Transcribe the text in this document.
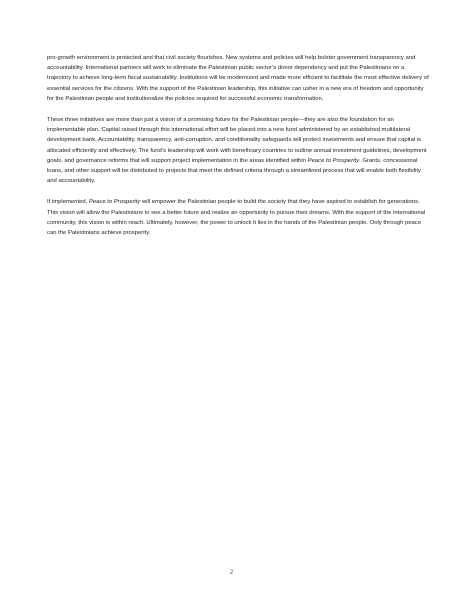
pro-growth environment is protected and that civil society flourishes. New systems and policies will help bolster government transparency and accountability. International partners will work to eliminate the Palestinian public sector’s donor dependency and put the Palestinians on a trajectory to achieve long-term fiscal sustainability. Institutions will be modernized and made more efficient to facilitate the most effective delivery of essential services for the citizens. With the support of the Palestinian leadership, this initiative can usher in a new era of freedom and opportunity for the Palestinian people and institutionalize the policies required for successful economic transformation.

These three initiatives are more than just a vision of a promising future for the Palestinian people—they are also the foundation for an implementable plan. Capital raised through this international effort will be placed into a new fund administered by an established multilateral development bank. Accountability, transparency, anti-corruption, and conditionality safeguards will protect investments and ensure that capital is allocated efficiently and effectively. The fund’s leadership will work with beneficiary countries to outline annual investment guidelines, development goals, and governance reforms that will support project implementation in the areas identified within Peace to Prosperity. Grants, concessional loans, and other support will be distributed to projects that meet the defined criteria through a streamlined process that will enable both flexibility and accountability.

If implemented, Peace to Prosperity will empower the Palestinian people to build the society that they have aspired to establish for generations. This vision will allow the Palestinians to see a better future and realize an opportunity to pursue their dreams. With the support of the international community, this vision is within reach. Ultimately, however, the power to unlock it lies in the hands of the Palestinian people. Only through peace can the Palestinians achieve prosperity.

2
